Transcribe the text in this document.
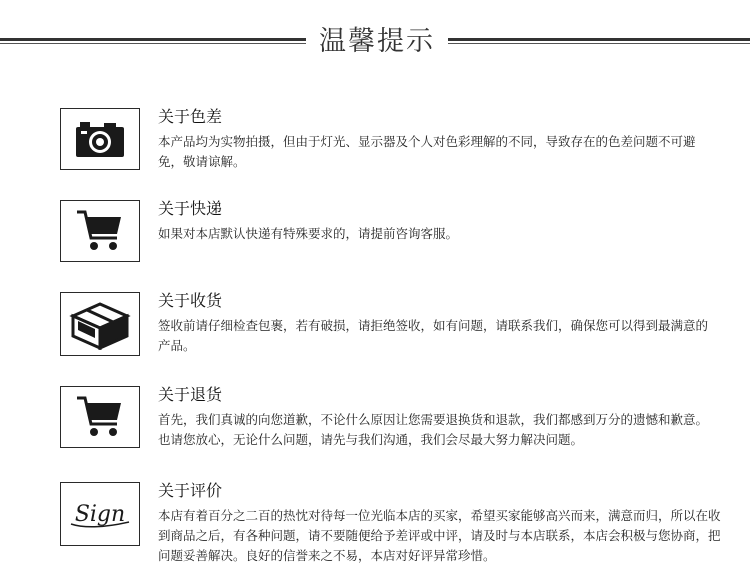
温馨提示
关于色差
本产品均为实物拍摄，但由于灯光、显示器及个人对色彩理解的不同，导致存在的色差问题不可避免，敬请谅解。
关于快递
如果对本店默认快递有特殊要求的，请提前咨询客服。
关于收货
签收前请仔细检查包裹，若有破损，请拒绝签收，如有问题，请联系我们，确保您可以得到最满意的产品。
关于退货
首先，我们真诚的向您道歉，不论什么原因让您需要退换货和退款，我们都感到万分的遗憾和歉意。也请您放心，无论什么问题，请先与我们沟通，我们会尽最大努力解决问题。
Sign
关于评价
本店有着百分之二百的热忱对待每一位光临本店的买家，希望买家能够高兴而来，满意而归，所以在收到商品之后，有各种问题，请不要随便给予差评或中评，请及时与本店联系，本店会积极与您协商，把问题妥善解决。良好的信誉来之不易，本店对好评异常珍惜。
